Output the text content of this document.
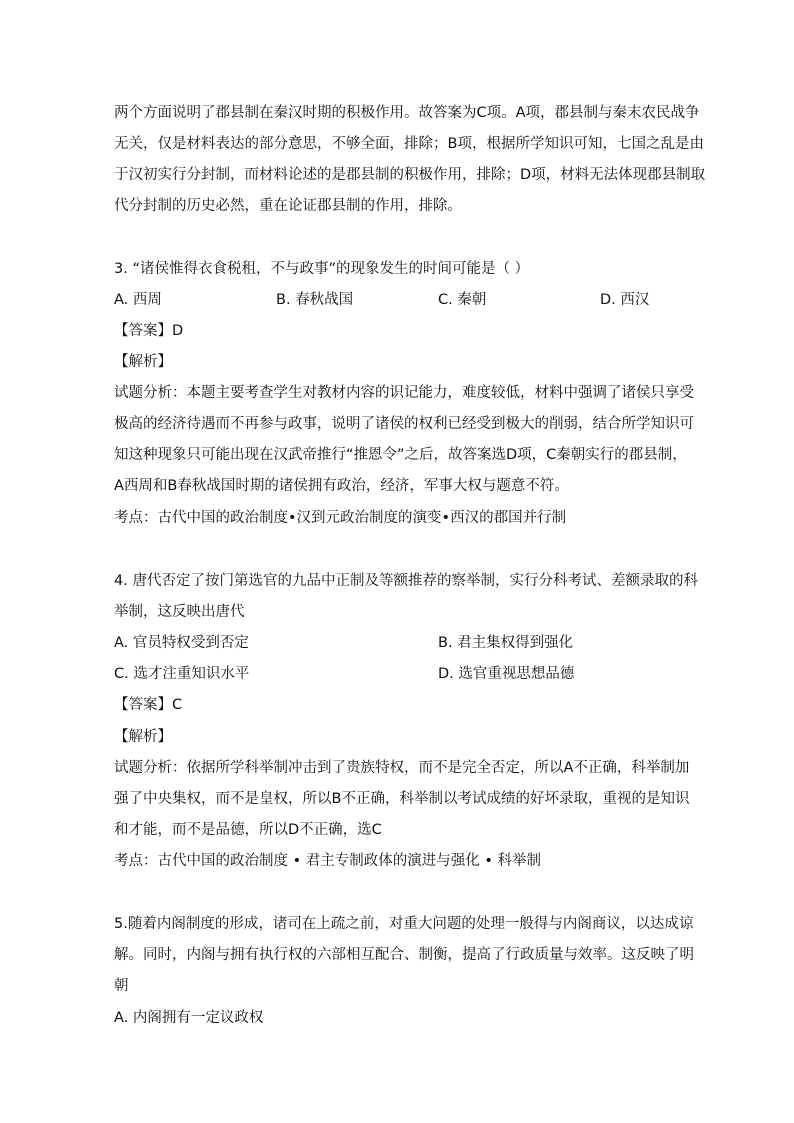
两个方面说明了郡县制在秦汉时期的积极作用。故答案为C项。A项，郡县制与秦末农民战争
无关，仅是材料表达的部分意思，不够全面，排除；B项，根据所学知识可知，七国之乱是由
于汉初实行分封制，而材料论述的是郡县制的积极作用，排除；D项，材料无法体现郡县制取
代分封制的历史必然，重在论证郡县制的作用，排除。
3. “诸侯惟得衣食税租，不与政事”的现象发生的时间可能是（ ）
A. 西周	B. 春秋战国	C. 秦朝	D. 西汉
【答案】D
【解析】
试题分析：本题主要考查学生对教材内容的识记能力，难度较低，材料中强调了诸侯只享受
极高的经济待遇而不再参与政事，说明了诸侯的权利已经受到极大的削弱，结合所学知识可
知这种现象只可能出现在汉武帝推行“推恩令”之后，故答案选D项，C秦朝实行的郡县制，
A西周和B春秋战国时期的诸侯拥有政治，经济，军事大权与题意不符。
考点：古代中国的政治制度•汉到元政治制度的演变•西汉的郡国并行制
4. 唐代否定了按门第选官的九品中正制及等额推荐的察举制，实行分科考试、差额录取的科
举制，这反映出唐代
A. 官员特权受到否定	B. 君主集权得到强化
C. 选才注重知识水平	D. 选官重视思想品德
【答案】C
【解析】
试题分析：依据所学科举制冲击到了贵族特权，而不是完全否定，所以A不正确，科举制加
强了中央集权，而不是皇权，所以B不正确，科举制以考试成绩的好坏录取，重视的是知识
和才能，而不是品德，所以D不正确，选C
考点：古代中国的政治制度 • 君主专制政体的演进与强化 • 科举制
5.随着内阁制度的形成，诸司在上疏之前，对重大问题的处理一般得与内阁商议，以达成谅
解。同时，内阁与拥有执行权的六部相互配合、制衡，提高了行政质量与效率。这反映了明
朝
A. 内阁拥有一定议政权
